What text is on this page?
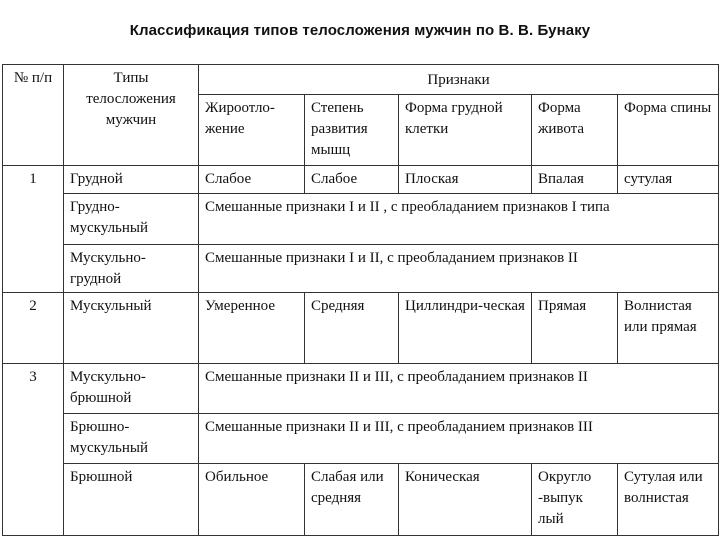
Классификация типов телосложения мужчин по В. В. Бунаку
№ п/п	Типы телосложения мужчин	Признаки				
		Жироотло-жение	Степень развития мышц	Форма грудной клетки	Форма живота	Форма спины
1	Грудной	Слабое	Слабое	Плоская	Впалая	сутулая
	Грудно-мускульный	Смешанные признаки I и II , с преобладанием признаков I типа				
	Мускульно-грудной	Смешанные признаки I и II, с преобладанием признаков II				
2	Мускульный	Умеренное	Средняя	Циллиндри-ческая	Прямая	Волнистая или прямая
3	Мускульно-брюшной	Смешанные признаки II и III, с преобладанием признаков II				
	Брюшно-мускульный	Смешанные признаки II и III, с преобладанием признаков III				
	Брюшной	Обильное	Слабая или средняя	Коническая	Округло -выпук лый	Сутулая или волнистая
